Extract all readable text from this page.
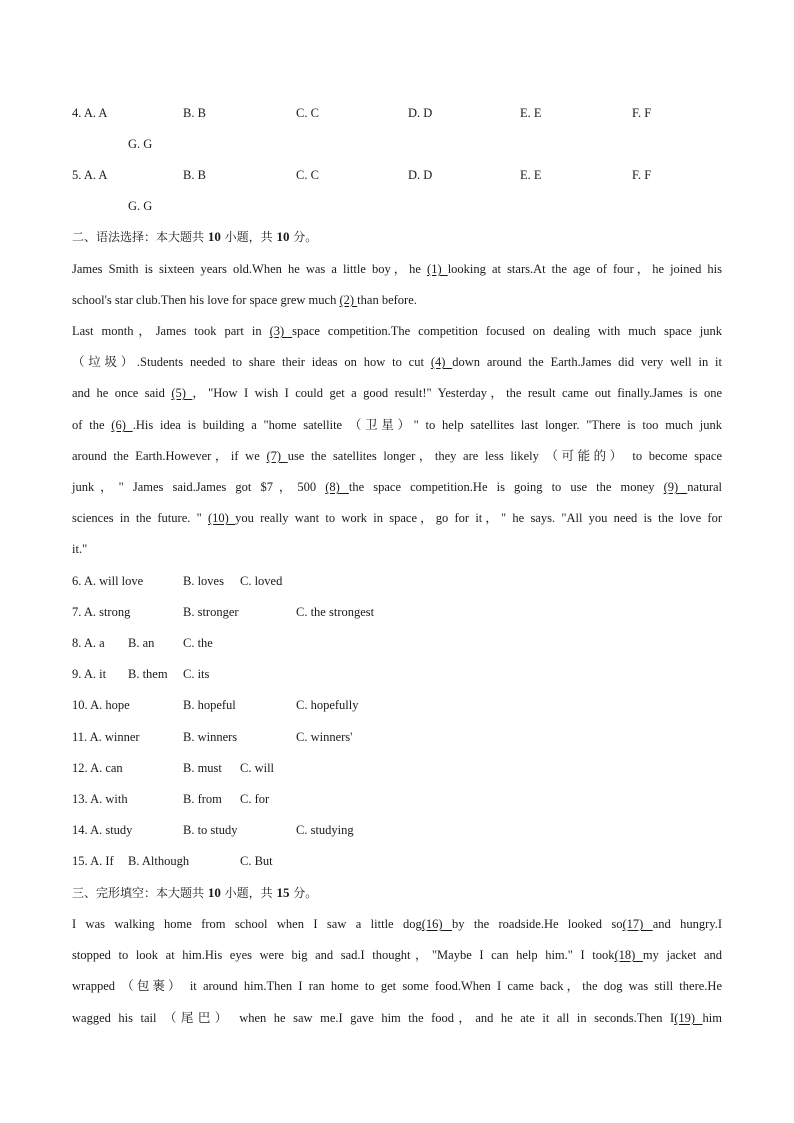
4. A. A	B. B	C. C	D. D	E. E	F. F
G. G
5. A. A	B. B	C. C	D. D	E. E	F. F
G. G
二、语法选择：本大题共 10 小题，共 10 分。
James Smith is sixteen years old.When he was a little boy，he (1) looking at stars.At the age of four，he joined his
school's star club.Then his love for space grew much (2) than before.
Last month，James took part in (3) space competition.The competition focused on dealing with much space junk
（垃圾）.Students needed to share their ideas on how to cut (4) down around the Earth.James did very well in it
and he once said (5) ，"How I wish I could get a good result!" Yesterday，the result came out finally.James is one
of the (6) .His idea is building a "home satellite （卫星）" to help satellites last longer. "There is too much junk
around the Earth.However，if we (7) use the satellites longer，they are less likely （可能的） to become space
junk，" James said.James got $7，500 (8) the space competition.He is going to use the money (9) natural
sciences in the future. " (10) you really want to work in space，go for it，" he says. "All you need is the love for
it."
6. A. will love	B. loves C. loved
7. A. strong	B. stronger	C. the strongest
8. A. a B. an C. the
9. A. it B. them C. its
10. A. hope	B. hopeful	C. hopefully
11. A. winner	B. winners	C. winners'
12. A. can	B. must C. will
13. A. with	B. from C. for
14. A. study	B. to study	C. studying
15. A. If B. Although	C. But
三、完形填空：本大题共 10 小题，共 15 分。
I was walking home from school when I saw a little dog(16) by the roadside.He looked so(17) and hungry.I
stopped to look at him.His eyes were big and sad.I thought，"Maybe I can help him." I took(18) my jacket and
wrapped （包裹） it around him.Then I ran home to get some food.When I came back，the dog was still there.He
wagged his tail （尾巴） when he saw me.I gave him the food，and he ate it all in seconds.Then I(19) him
